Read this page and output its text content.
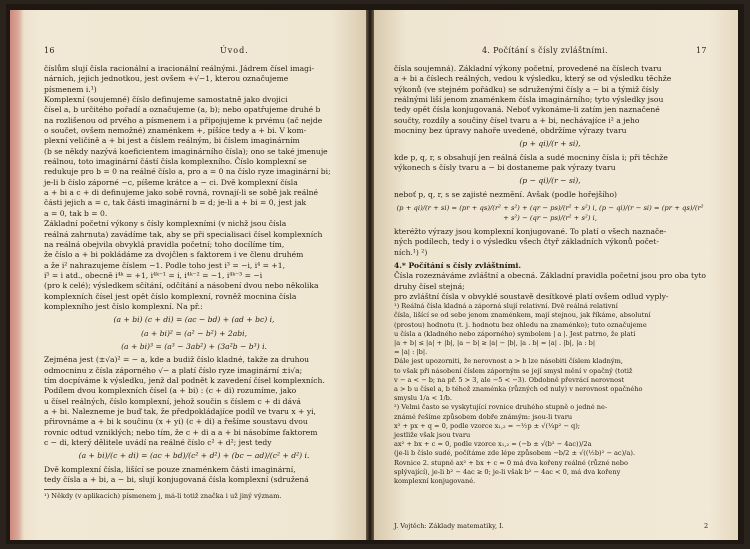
16	Úvod.
číslům slují čísla racionální a iracionální reálnými. Jádrem čísel imagi-
nárních, jejich jednotkou, jest ovšem +√−1, kterou označujeme
písmenem i.¹)
Komplexní (soujemné) číslo definujeme samostatně jako dvojici
čísel a, b určitého pořadí a označujeme (a, b); nebo opatřujeme druhé b
na rozlišenou od prvého a písmenem i a připojujeme k prvému (ač nejde
o součet, ovšem nemožné) znaménkem +, píšíce tedy a + bi. V kom-
plexní veličině a + bi jest a číslem reálným, bi číslem imaginárním
(b se někdy nazývá koeficientem imaginárního čísla); ono se také jmenuje
reálnou, toto imaginární částí čísla komplexního. Číslo komplexní se
redukuje pro b = 0 na reálné číslo a, pro a = 0 na číslo ryze imaginární bi;
je-li b číslo záporné −c, píšeme krátce a − ci. Dvě komplexní čísla
a + bi a c + di definujeme jako sobě rovná, rovnají-li se sobě jak reálné
části jejich a = c, tak části imaginární b = d; je-li a + bi = 0, jest jak
a = 0, tak b = 0.
Základní početní výkony s čísly komplexními (v nichž jsou čísla
reálná zahrnuta) zavádíme tak, aby se při specialisaci čísel komplexních
na reálná obejvila obvyklá pravidla početní; toho docílíme tím,
že číslo a + bi pokládáme za dvojčlen s faktorem i ve členu druhém
a že i² nahrazujeme číslem −1. Podle toho jest i³ = −i, i⁴ = +1,
i⁵ = i atd., obecně i⁴ᵏ = +1, i⁴ᵏ⁻¹ = i, i⁴ᵏ⁻² = −1, i⁴ᵏ⁻³ = −i
(pro k celé); výsledkem sčítání, odčítání a násobení dvou nebo několika
komplexních čísel jest opět číslo komplexní, rovněž mocnina čísla
komplexního jest číslo komplexní. Na př.:
(a + bi) (c + di) = (ac − bd) + (ad + bc) i,
(a + bi)² = (a² − b²) + 2abi,
(a + bi)³ = (a³ − 3ab²) + (3a²b − b³) i.
Zejména jest (±√a)² = − a, kde a budiž číslo kladné, takže za druhou
odmocninu z čísla záporného √− a platí číslo ryze imaginární ±i√a;
tím docpíváme k výsledku, jenž dal podnět k zavedení čísel komplexních.
Podílem dvou komplexních čísel (a + bi) : (c + di) rozumíme, jako
u čísel reálných, číslo komplexní, jehož součin s číslem c + di dává
a + bi. Nalezneme je buď tak, že předpokládajíce podíl ve tvaru x + yi,
přirovnáme a + bi k součinu (x + yi) (c + di) a řešíme soustavu dvou
rovnic odtud vzniklých; nebo tím, že c + di a a + bi násobíme faktorem
c − di, který dělitele uvádí na reálné číslo c² + d²; jest tedy
(a + bi)/(c + di) = (ac + bd)/(c² + d²) + (bc − ad)/(c² + d²) i.
Dvě komplexní čísla, lišící se pouze znaménkem části imaginární,
tedy čísla a + bi, a − bi, slují konjugovaná čísla komplexní (sdružená
¹) Někdy (v aplikacích) písmenem j, má-li totiž značka i už jiný význam.
4. Počítání s čísly zvláštními.	17
čísla soujemná). Základní výkony početní, provedené na číslech tvaru
a + bi a číslech reálných, vedou k výsledku, který se od výsledku těchže
výkonů (ve stejném pořádku) se sdruženými čísly a − bi a týmiž čísly
reálnými liší jenom znaménkem čísla imaginárního; tyto výsledky jsou
tedy opět čísla konjugovaná. Neboť vykonáme-li zatím jen naznačené
součty, rozdíly a součiny čísel tvaru a + bi, nechávajíce i² a jeho
mocniny bez úpravy nahoře uvedené, obdržíme výrazy tvaru
(p + qi)/(r + si),
kde p, q, r, s obsahují jen reálná čísla a sudé mocniny čísla i; při těchže
výkonech s čísly tvaru a − bi dostaneme pak výrazy tvaru
(p − qi)/(r − si),
neboť p, q, r, s se zajisté nezmění. Avšak (podle hořejšího)
(p + qi)/(r + si) = (pr + qs)/(r² + s²) + (qr − ps)/(r² + s²) i, (p − qi)/(r − si) = (pr + qs)/(r² + s²) − (qr − ps)/(r² + s²) i,
kteréžto výrazy jsou komplexní konjugované. To platí o všech naznače-
ných podílech, tedy i o výsledku všech čtyř základních výkonů počet-
ních.¹) ²)
4.* Počítání s čísly zvláštními.
Čísla rozeznáváme zvláštní a obecná. Základní pravidla početní jsou pro oba tyto druhy čísel stejná;
pro zvláštní čísla v obvyklé soustavě desítkové platí ovšem odlud vyply-
¹) Reálná čísla kladná a záporná slují relativní. Dvě reálná relativní
čísla, lišící se od sebe jenom znaménkem, mají stejnou, jak říkáme, absolutní
(prostou) hodnotu (t. j. hodnotu bez ohledu na znaménko); tuto označujeme
u čísla a (kladného nebo záporného) symbolem | a |. Jest patrno, že platí
|a + b| ≤ |a| + |b|, |a − b| ≥ |a| − |b|, |a . b| = |a| . |b|, |a : b|
= |a| : |b|.
Dále jest upozorniti, že nerovnost a > b lze násobiti číslem kladným,
to však při násobení číslem záporným se její smysl mění v opačný (totiž
v − a < − b; na př. 5 > 3, ale −5 < −3). Obdobně převrácí nerovnost
a > b u čísel a, b téhož znaménka (různých od nuly) v nerovnost opačného
smyslu 1/a < 1/b.
²) Velmi často se vyskytující rovnice druhého stupně o jedné ne-
známé řešíme způsobem dobře známým: jsou-li tvaru
x² + px + q = 0, podle vzorce x₁,₂ = −½p ± √(¼p² − q);
jestliže však jsou tvaru
ax² + bx + c = 0, podle vzorce x₁,₂ = (−b ± √(b² − 4ac))/2a
(je-li b číslo sudé, počítáme zde lépe způsobem −b/2 ± √((½b)² − ac)/a).
Rovnice 2. stupně ax² + bx + c = 0 má dva kořeny reálné (různé nebo
splývající), je-li b² − 4ac ≥ 0; je-li však b² − 4ac < 0, má dva kořeny
komplexní konjugované.
J. Vojtěch: Základy matematiky, I.	2
